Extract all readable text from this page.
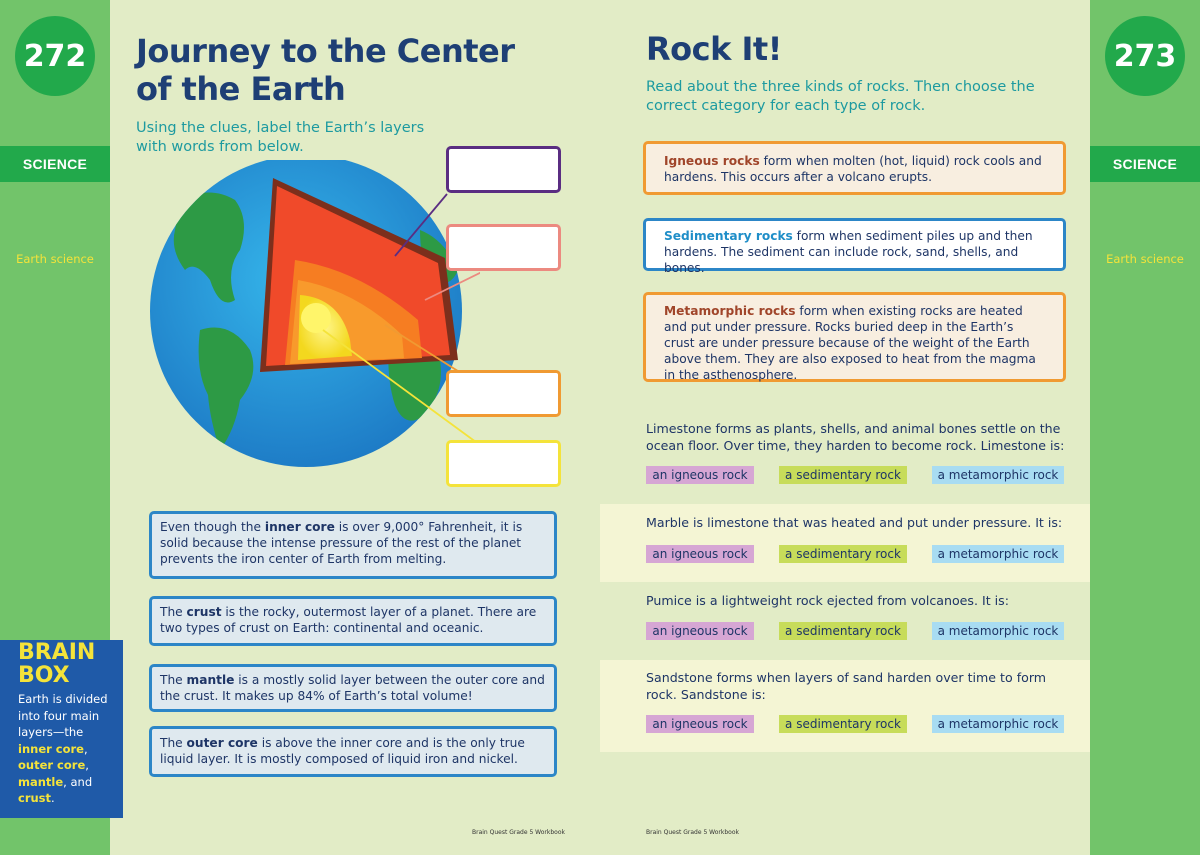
272
SCIENCE
Earth science
273
SCIENCE
Earth science
BRAIN
BOX
Earth is divided into four main layers—the inner core,
outer core,
mantle, and
crust.
Journey to the Center
of the Earth
Using the clues, label the Earth’s layers
with words from below.
Even though the inner core is over 9,000° Fahrenheit, it is solid because the intense pressure of the rest of the planet prevents the iron center of Earth from melting.
The crust is the rocky, outermost layer of a planet. There are two types of crust on Earth: continental and oceanic.
The mantle is a mostly solid layer between the outer core and the crust. It makes up 84% of Earth’s total volume!
The outer core is above the inner core and is the only true liquid layer. It is mostly composed of liquid iron and nickel.
Brain Quest Grade 5 Workbook
Rock It!
Read about the three kinds of rocks. Then choose the
correct category for each type of rock.
Igneous rocks form when molten (hot, liquid) rock cools and hardens. This occurs after a volcano erupts.
Sedimentary rocks form when sediment piles up and then hardens. The sediment can include rock, sand, shells, and bones.
Metamorphic rocks form when existing rocks are heated and put under pressure. Rocks buried deep in the Earth’s crust are under pressure because of the weight of the Earth above them. They are also exposed to heat from the magma in the asthenosphere.
Limestone forms as plants, shells, and animal bones settle on the ocean floor. Over time, they harden to become rock. Limestone is:
an igneous rock	a sedimentary rock	a metamorphic rock
Marble is limestone that was heated and put under pressure. It is:
an igneous rock	a sedimentary rock	a metamorphic rock
Pumice is a lightweight rock ejected from volcanoes. It is:
an igneous rock	a sedimentary rock	a metamorphic rock
Sandstone forms when layers of sand harden over time to form rock. Sandstone is:
an igneous rock	a sedimentary rock	a metamorphic rock
Brain Quest Grade 5 Workbook
